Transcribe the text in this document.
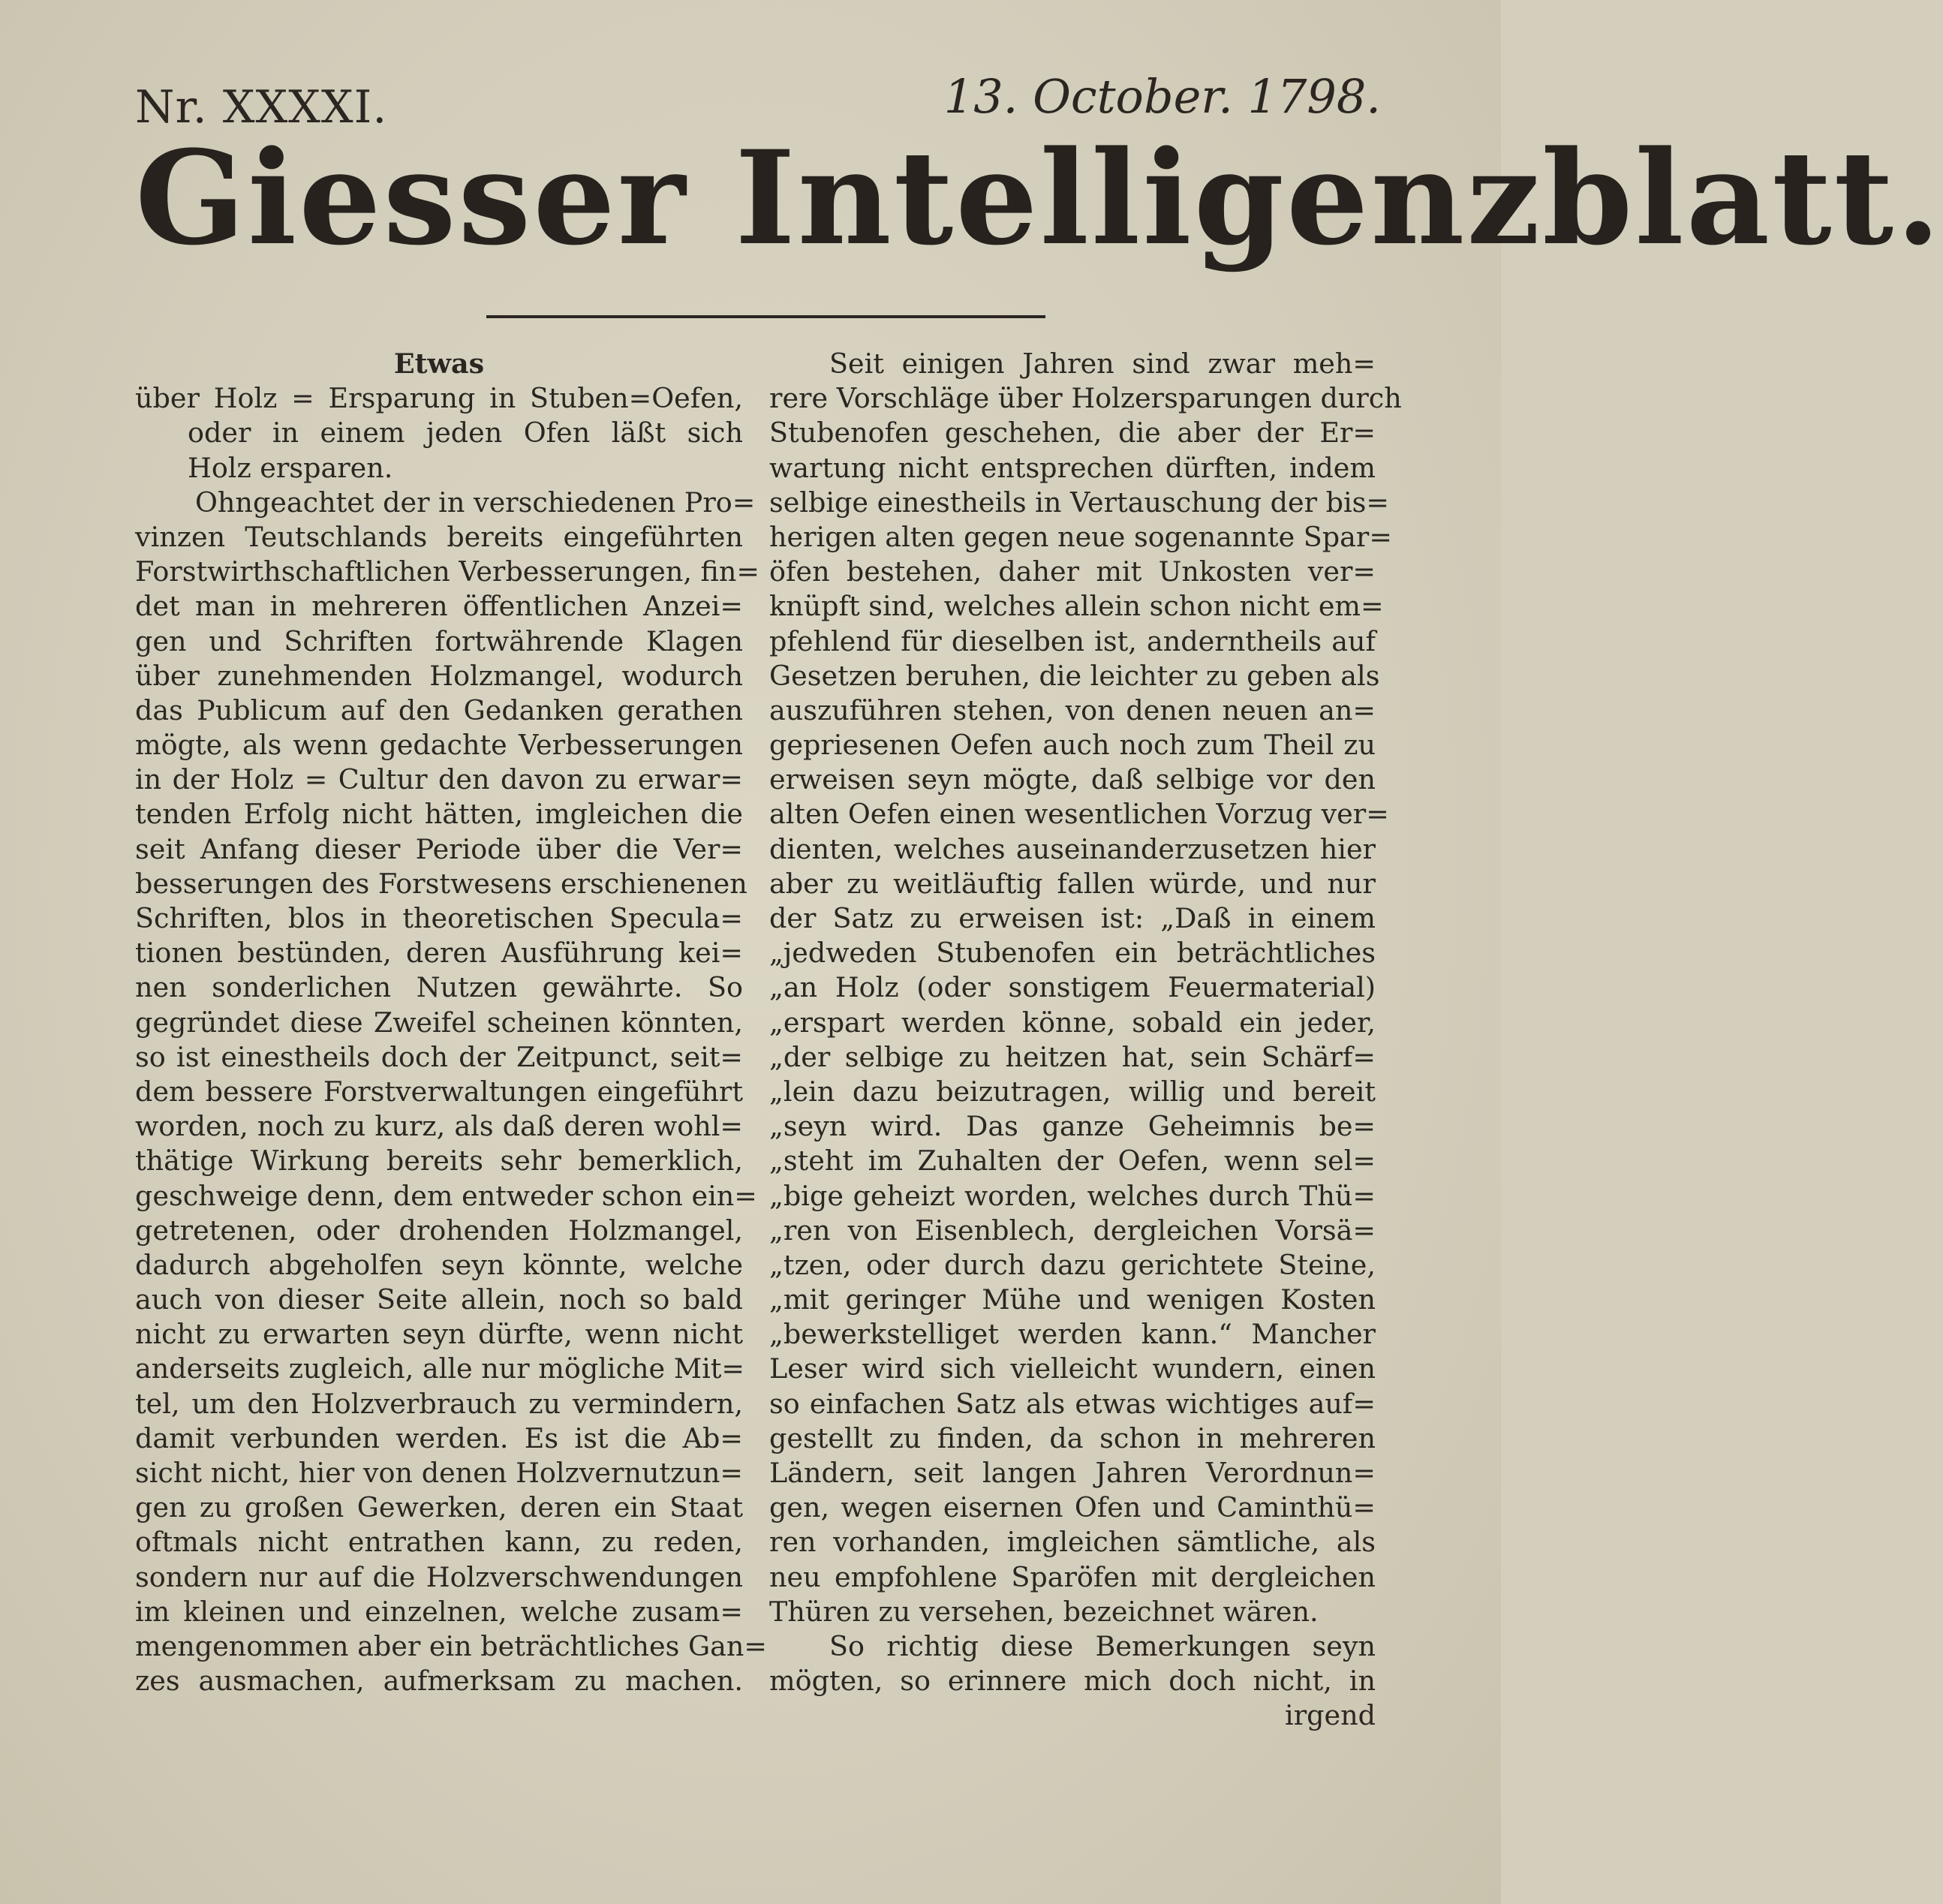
Nr. XXXXI.	13. October. 1798.
Giesser Intelligenzblatt.
Etwas
über Holz = Ersparung in Stuben=Oefen,
oder in einem jeden Ofen läßt sich
Holz ersparen.
Ohngeachtet der in verschiedenen Pro=
vinzen Teutschlands bereits eingeführten
Forstwirthschaftlichen Verbesserungen, fin=
det man in mehreren öffentlichen Anzei=
gen und Schriften fortwährende Klagen
über zunehmenden Holzmangel, wodurch
das Publicum auf den Gedanken gerathen
mögte, als wenn gedachte Verbesserungen
in der Holz = Cultur den davon zu erwar=
tenden Erfolg nicht hätten, imgleichen die
seit Anfang dieser Periode über die Ver=
besserungen des Forstwesens erschienenen
Schriften, blos in theoretischen Specula=
tionen bestünden, deren Ausführung kei=
nen sonderlichen Nutzen gewährte. So
gegründet diese Zweifel scheinen könnten,
so ist einestheils doch der Zeitpunct, seit=
dem bessere Forstverwaltungen eingeführt
worden, noch zu kurz, als daß deren wohl=
thätige Wirkung bereits sehr bemerklich,
geschweige denn, dem entweder schon ein=
getretenen, oder drohenden Holzmangel,
dadurch abgeholfen seyn könnte, welche
auch von dieser Seite allein, noch so bald
nicht zu erwarten seyn dürfte, wenn nicht
anderseits zugleich, alle nur mögliche Mit=
tel, um den Holzverbrauch zu vermindern,
damit verbunden werden. Es ist die Ab=
sicht nicht, hier von denen Holzvernutzun=
gen zu großen Gewerken, deren ein Staat
oftmals nicht entrathen kann, zu reden,
sondern nur auf die Holzverschwendungen
im kleinen und einzelnen, welche zusam=
mengenommen aber ein beträchtliches Gan=
zes ausmachen, aufmerksam zu machen.
Seit einigen Jahren sind zwar meh=
rere Vorschläge über Holzersparungen durch
Stubenofen geschehen, die aber der Er=
wartung nicht entsprechen dürften, indem
selbige einestheils in Vertauschung der bis=
herigen alten gegen neue sogenannte Spar=
öfen bestehen, daher mit Unkosten ver=
knüpft sind, welches allein schon nicht em=
pfehlend für dieselben ist, anderntheils auf
Gesetzen beruhen, die leichter zu geben als
auszuführen stehen, von denen neuen an=
gepriesenen Oefen auch noch zum Theil zu
erweisen seyn mögte, daß selbige vor den
alten Oefen einen wesentlichen Vorzug ver=
dienten, welches auseinanderzusetzen hier
aber zu weitläuftig fallen würde, und nur
der Satz zu erweisen ist: „Daß in einem
„jedweden Stubenofen ein beträchtliches
„an Holz (oder sonstigem Feuermaterial)
„erspart werden könne, sobald ein jeder,
„der selbige zu heitzen hat, sein Schärf=
„lein dazu beizutragen, willig und bereit
„seyn wird. Das ganze Geheimnis be=
„steht im Zuhalten der Oefen, wenn sel=
„bige geheizt worden, welches durch Thü=
„ren von Eisenblech, dergleichen Vorsä=
„tzen, oder durch dazu gerichtete Steine,
„mit geringer Mühe und wenigen Kosten
„bewerkstelliget werden kann.“ Mancher
Leser wird sich vielleicht wundern, einen
so einfachen Satz als etwas wichtiges auf=
gestellt zu finden, da schon in mehreren
Ländern, seit langen Jahren Verordnun=
gen, wegen eisernen Ofen und Caminthü=
ren vorhanden, imgleichen sämtliche, als
neu empfohlene Sparöfen mit dergleichen
Thüren zu versehen, bezeichnet wären.
So richtig diese Bemerkungen seyn
mögten, so erinnere mich doch nicht, in
irgend
